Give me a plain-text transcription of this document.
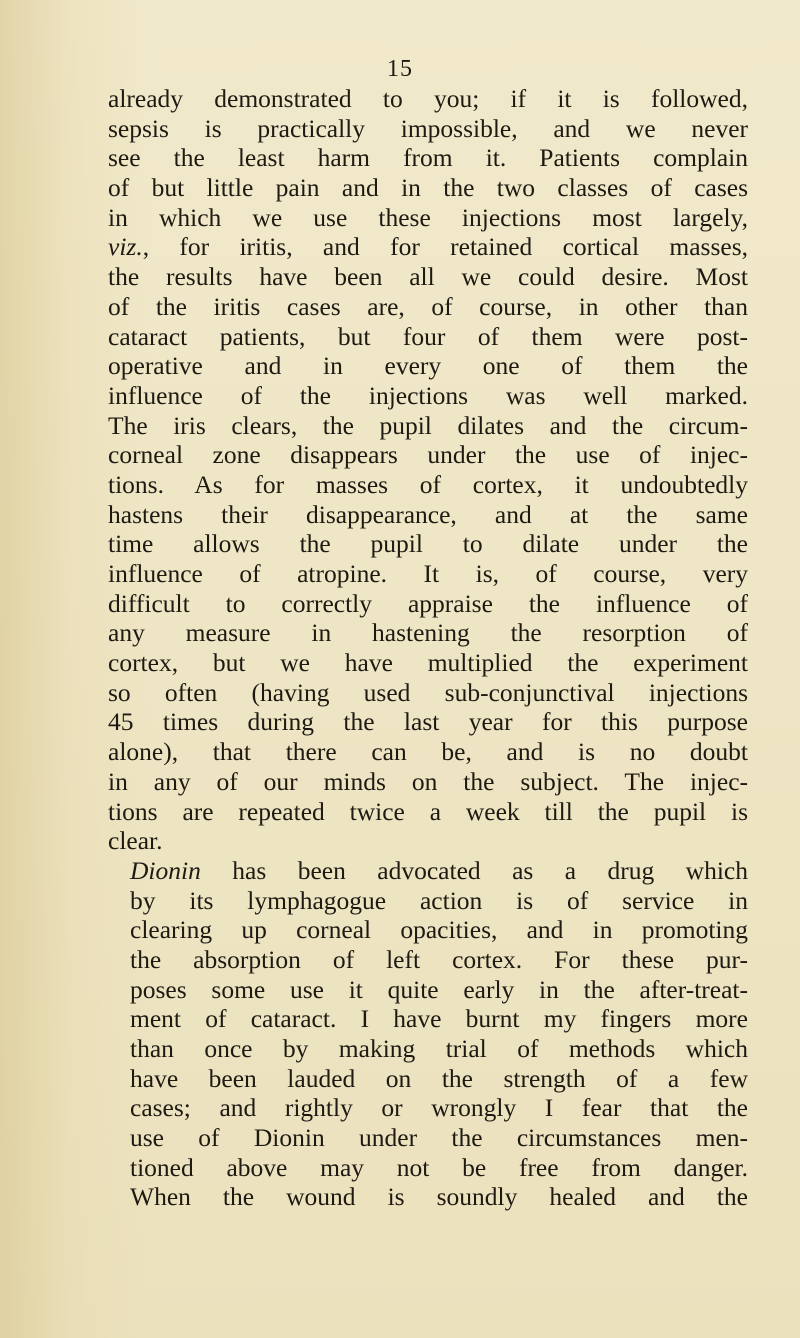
15
already demonstrated to you; if it is followed,
sepsis is practically impossible, and we never
see the least harm from it. Patients complain
of but little pain and in the two classes of cases
in which we use these injections most largely,
viz., for iritis, and for retained cortical masses,
the results have been all we could desire. Most
of the iritis cases are, of course, in other than
cataract patients, but four of them were post-
operative and in every one of them the
influence of the injections was well marked.
The iris clears, the pupil dilates and the circum-
corneal zone disappears under the use of injec-
tions. As for masses of cortex, it undoubtedly
hastens their disappearance, and at the same
time allows the pupil to dilate under the
influence of atropine. It is, of course, very
difficult to correctly appraise the influence of
any measure in hastening the resorption of
cortex, but we have multiplied the experiment
so often (having used sub-conjunctival injections
45 times during the last year for this purpose
alone), that there can be, and is no doubt
in any of our minds on the subject. The injec-
tions are repeated twice a week till the pupil is
clear.
Dionin has been advocated as a drug which
by its lymphagogue action is of service in
clearing up corneal opacities, and in promoting
the absorption of left cortex. For these pur-
poses some use it quite early in the after-treat-
ment of cataract. I have burnt my fingers more
than once by making trial of methods which
have been lauded on the strength of a few
cases; and rightly or wrongly I fear that the
use of Dionin under the circumstances men-
tioned above may not be free from danger.
When the wound is soundly healed and the
